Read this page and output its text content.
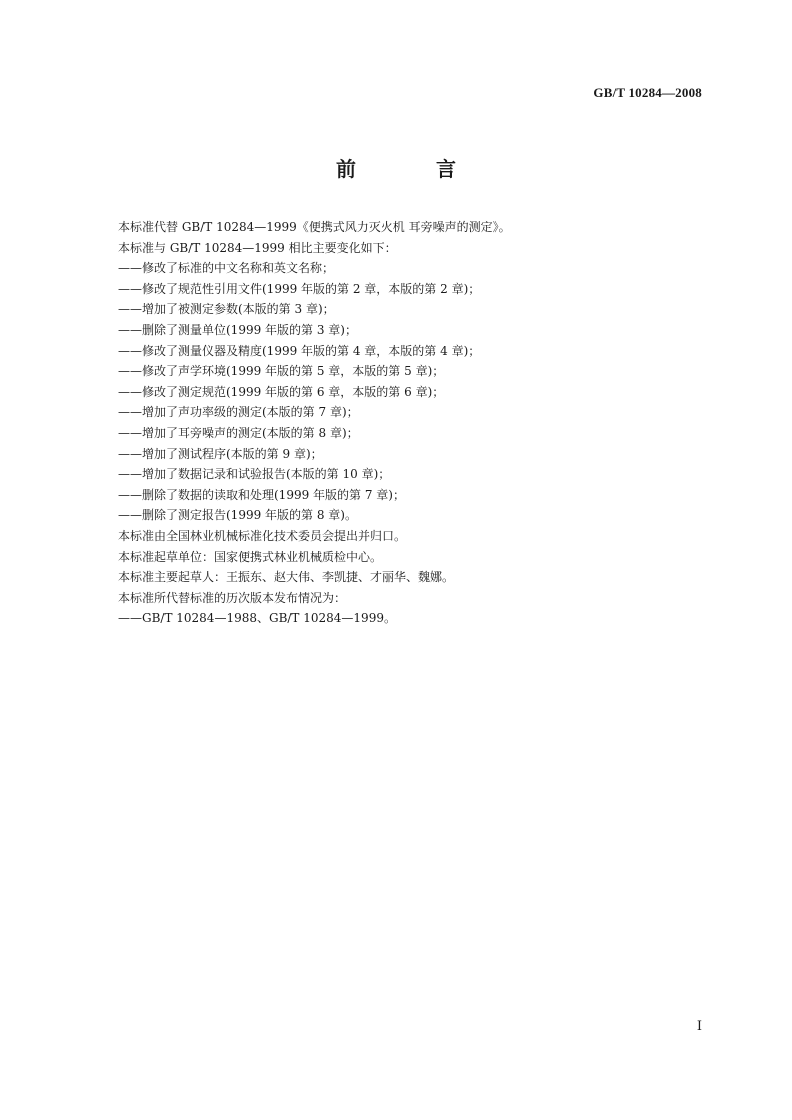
GB/T 10284—2008
前　言
本标准代替 GB/T 10284—1999《便携式风力灭火机 耳旁噪声的测定》。
本标准与 GB/T 10284—1999 相比主要变化如下：
——修改了标准的中文名称和英文名称；
——修改了规范性引用文件(1999 年版的第 2 章，本版的第 2 章)；
——增加了被测定参数(本版的第 3 章)；
——删除了测量单位(1999 年版的第 3 章)；
——修改了测量仪器及精度(1999 年版的第 4 章，本版的第 4 章)；
——修改了声学环境(1999 年版的第 5 章，本版的第 5 章)；
——修改了测定规范(1999 年版的第 6 章，本版的第 6 章)；
——增加了声功率级的测定(本版的第 7 章)；
——增加了耳旁噪声的测定(本版的第 8 章)；
——增加了测试程序(本版的第 9 章)；
——增加了数据记录和试验报告(本版的第 10 章)；
——删除了数据的读取和处理(1999 年版的第 7 章)；
——删除了测定报告(1999 年版的第 8 章)。
本标准由全国林业机械标准化技术委员会提出并归口。
本标准起草单位：国家便携式林业机械质检中心。
本标准主要起草人：王振东、赵大伟、李凯捷、才丽华、魏娜。
本标准所代替标准的历次版本发布情况为：
——GB/T 10284—1988、GB/T 10284—1999。
I
